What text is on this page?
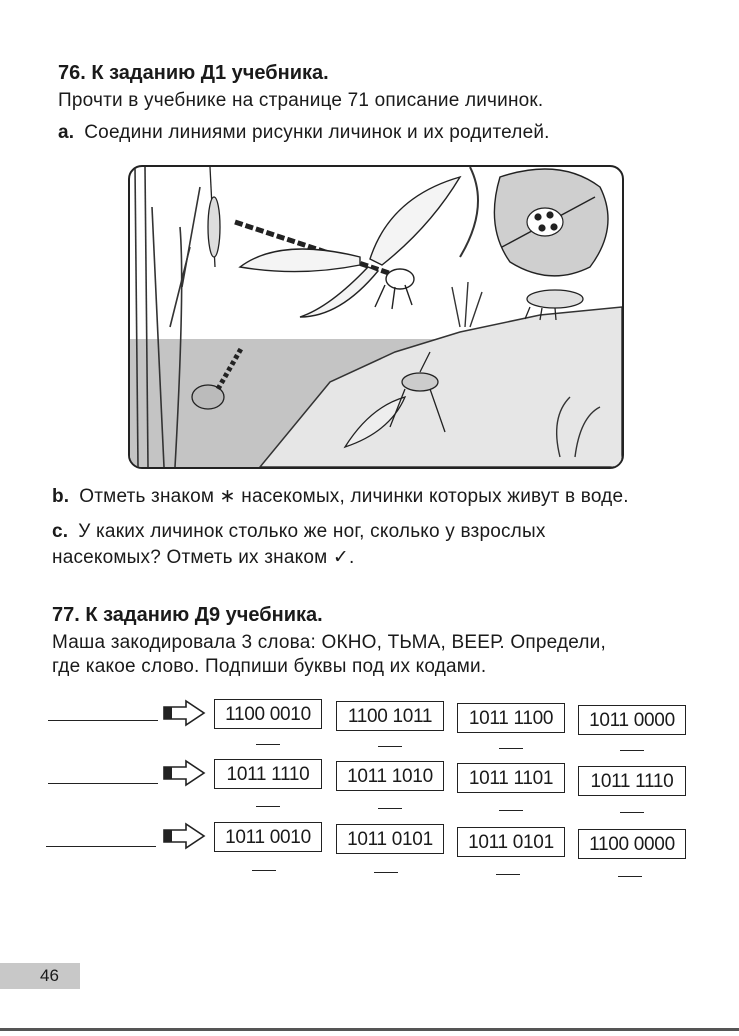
76. К заданию Д1 учебника.
Прочти в учебнике на странице 71 описание личинок.
a. Соедини линиями рисунки личинок и их родителей.
b. Отметь знаком ∗ насекомых, личинки которых живут в воде.
c. У каких личинок столько же ног, сколько у взрослых
насекомых? Отметь их знаком ✓.
77. К заданию Д9 учебника.
Маша закодировала 3 слова: ОКНО, ТЬМА, ВЕЕР. Определи,
где какое слово. Подпиши буквы под их кодами.
1100 0010	1100 1011	1011 1100	1011 0000
1011 1110	1011 1010	1011 1101	1011 1110
1011 0010	1011 0101	1011 0101	1100 0000
46
